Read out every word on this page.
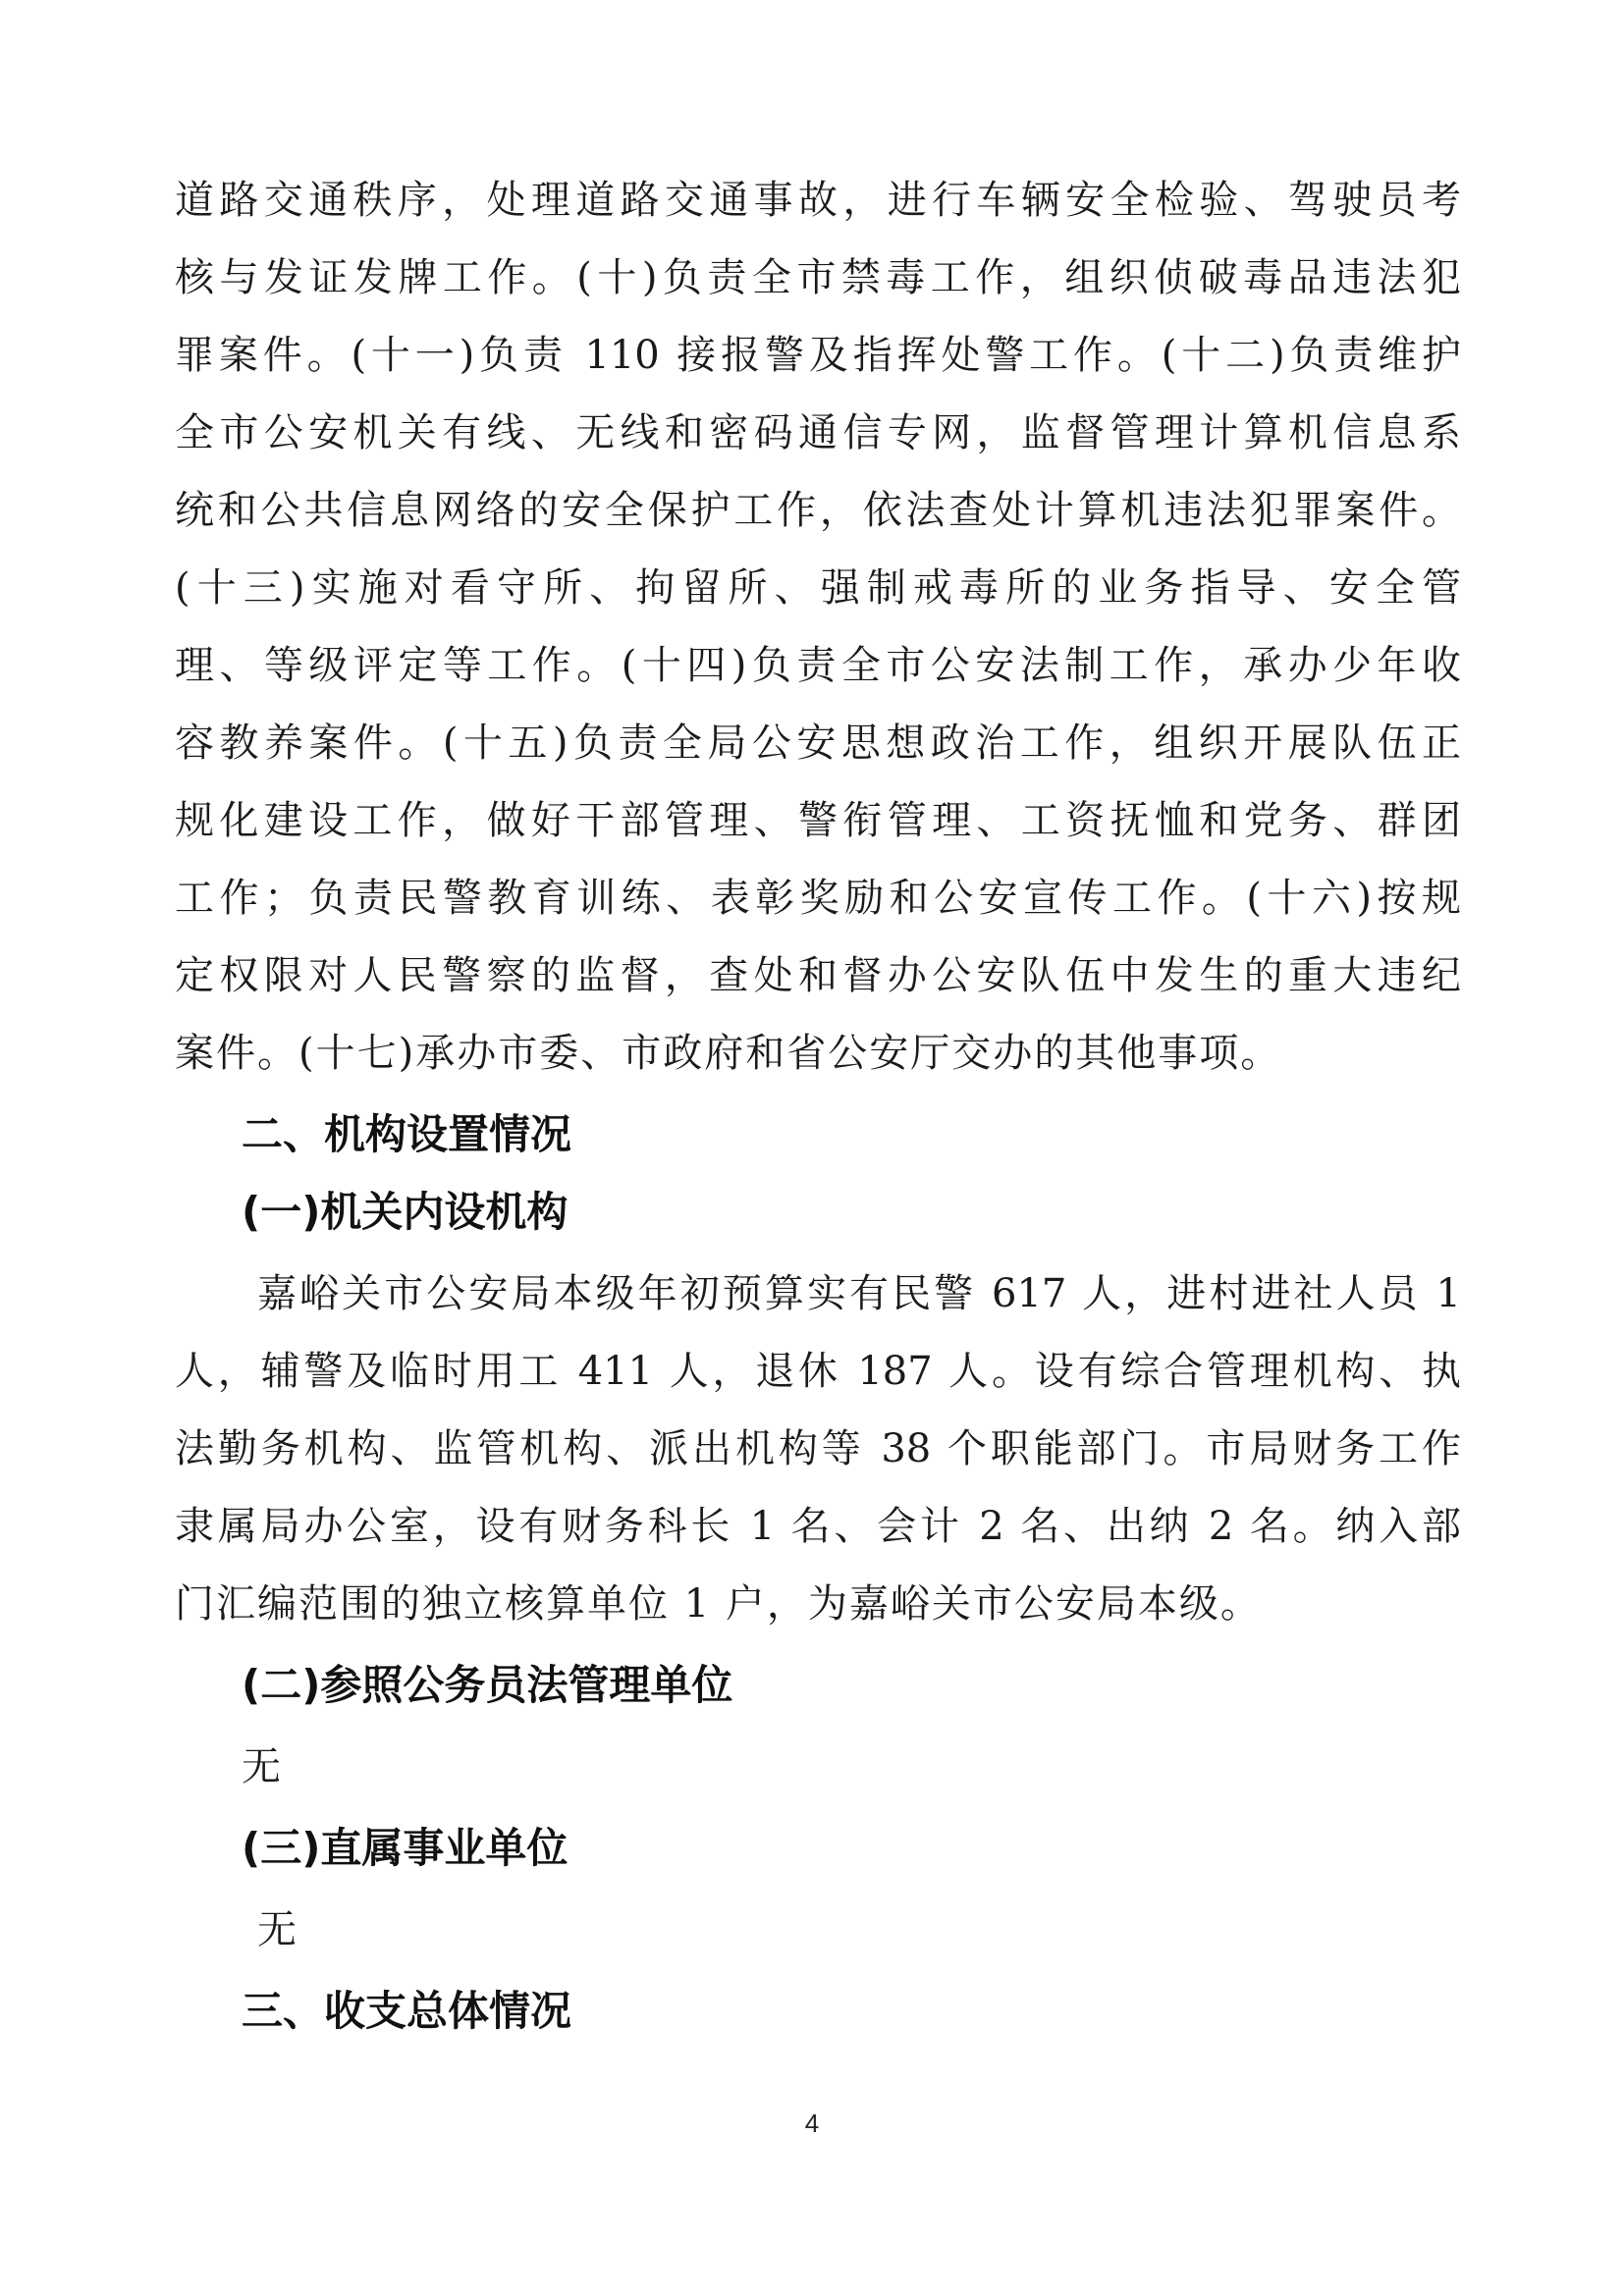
道路交通秩序，处理道路交通事故，进行车辆安全检验、驾驶员考
核与发证发牌工作。(十)负责全市禁毒工作，组织侦破毒品违法犯
罪案件。(十一)负责 110 接报警及指挥处警工作。(十二)负责维护
全市公安机关有线、无线和密码通信专网，监督管理计算机信息系
统和公共信息网络的安全保护工作，依法查处计算机违法犯罪案件。
(十三)实施对看守所、拘留所、强制戒毒所的业务指导、安全管
理、等级评定等工作。(十四)负责全市公安法制工作，承办少年收
容教养案件。(十五)负责全局公安思想政治工作，组织开展队伍正
规化建设工作，做好干部管理、警衔管理、工资抚恤和党务、群团
工作；负责民警教育训练、表彰奖励和公安宣传工作。(十六)按规
定权限对人民警察的监督，查处和督办公安队伍中发生的重大违纪
案件。(十七)承办市委、市政府和省公安厅交办的其他事项。
二、机构设置情况
(一)机关内设机构
嘉峪关市公安局本级年初预算实有民警 617 人，进村进社人员 1
人，辅警及临时用工 411 人，退休 187 人。设有综合管理机构、执
法勤务机构、监管机构、派出机构等 38 个职能部门。市局财务工作
隶属局办公室，设有财务科长 1 名、会计 2 名、出纳 2 名。纳入部
门汇编范围的独立核算单位 1 户，为嘉峪关市公安局本级。
(二)参照公务员法管理单位
无
(三)直属事业单位
无
三、收支总体情况
4
